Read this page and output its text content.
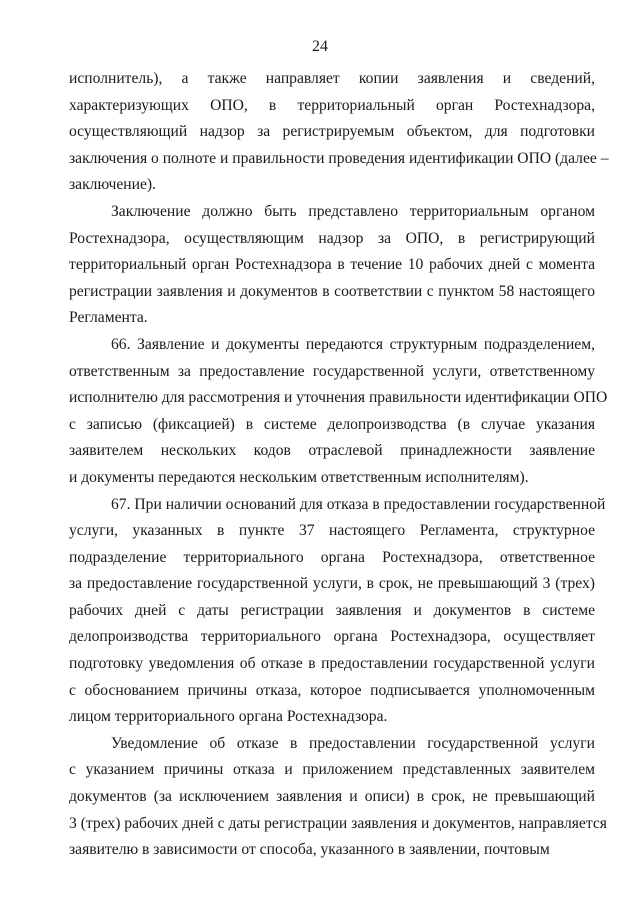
24

исполнитель), а также направляет копии заявления и сведений,
характеризующих ОПО, в территориальный орган Ростехнадзора,
осуществляющий надзор за регистрируемым объектом, для подготовки
заключения о полноте и правильности проведения идентификации ОПО (далее –
заключение).

Заключение должно быть представлено территориальным органом
Ростехнадзора, осуществляющим надзор за ОПО, в регистрирующий
территориальный орган Ростехнадзора в течение 10 рабочих дней с момента
регистрации заявления и документов в соответствии с пунктом 58 настоящего
Регламента.

66. Заявление и документы передаются структурным подразделением,
ответственным за предоставление государственной услуги, ответственному
исполнителю для рассмотрения и уточнения правильности идентификации ОПО
с записью (фиксацией) в системе делопроизводства (в случае указания
заявителем нескольких кодов отраслевой принадлежности заявление
и документы передаются нескольким ответственным исполнителям).

67. При наличии оснований для отказа в предоставлении государственной
услуги, указанных в пункте 37 настоящего Регламента, структурное
подразделение территориального органа Ростехнадзора, ответственное
за предоставление государственной услуги, в срок, не превышающий 3 (трех)
рабочих дней с даты регистрации заявления и документов в системе
делопроизводства территориального органа Ростехнадзора, осуществляет
подготовку уведомления об отказе в предоставлении государственной услуги
с обоснованием причины отказа, которое подписывается уполномоченным
лицом территориального органа Ростехнадзора.

Уведомление об отказе в предоставлении государственной услуги
с указанием причины отказа и приложением представленных заявителем
документов (за исключением заявления и описи) в срок, не превышающий
3 (трех) рабочих дней с даты регистрации заявления и документов, направляется
заявителю в зависимости от способа, указанного в заявлении, почтовым
